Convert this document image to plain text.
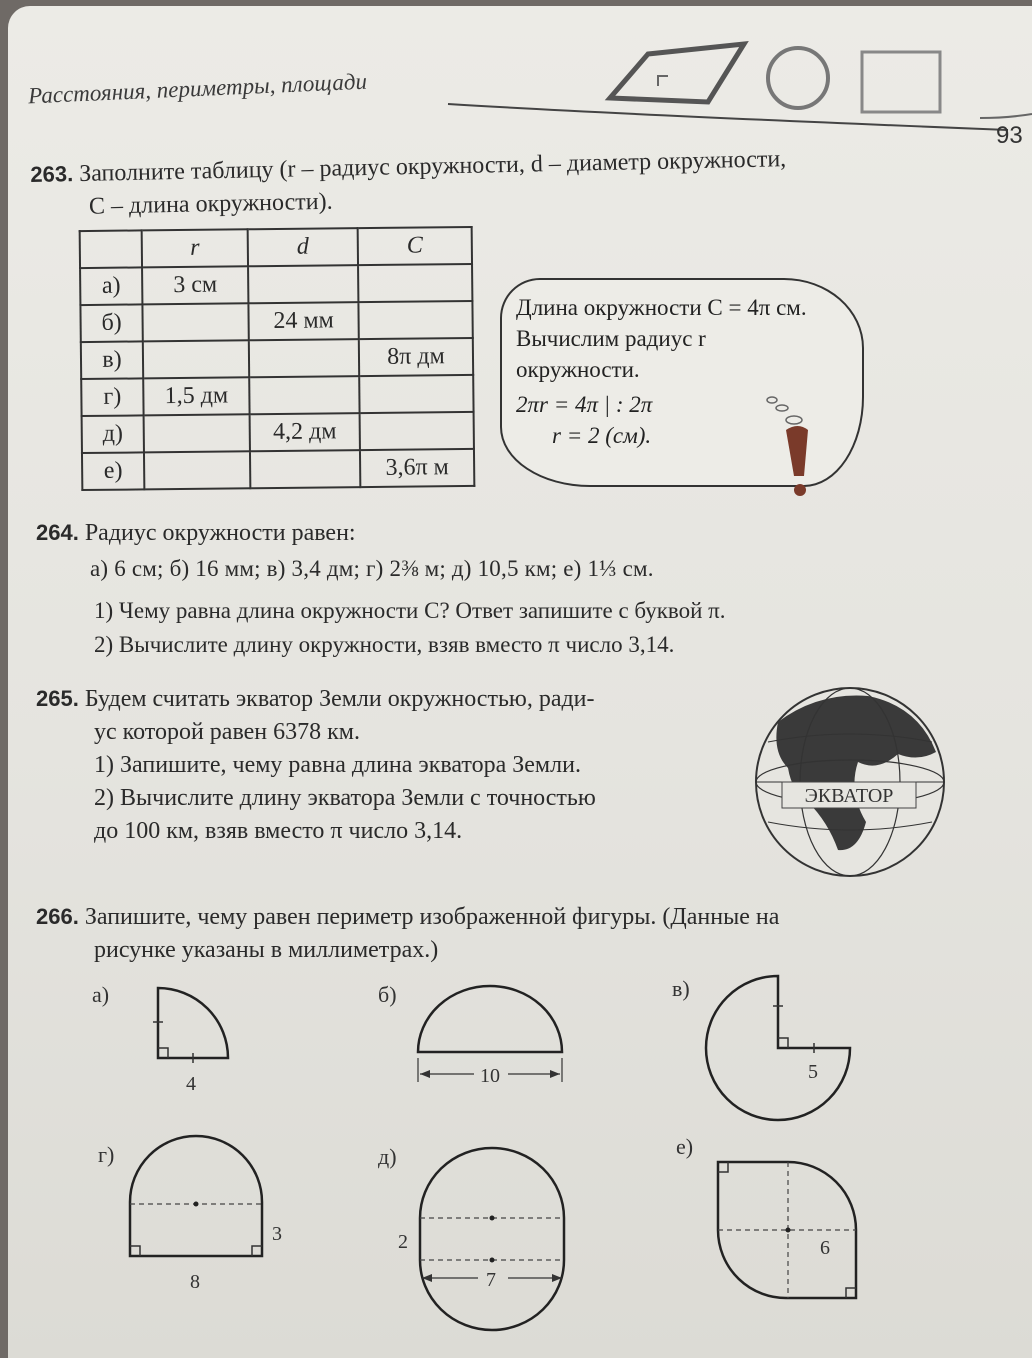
Расстояния, периметры, площади
93
263. Заполните таблицу (r – радиус окружности, d – диаметр окружности,
C – длина окружности).
	r	d	C
а)	3 см		
б)		24 мм	
в)			8π дм
г)	1,5 дм		
д)		4,2 дм	
е)			3,6π м
Длина окружности C = 4π см.
Вычислим радиус r
окружности.
2πr = 4π | : 2π
r = 2 (см).
264. Радиус окружности равен:
а) 6 см; б) 16 мм; в) 3,4 дм; г) 2⅜ м; д) 10,5 км; е) 1⅓ см.
1) Чему равна длина окружности C? Ответ запишите с буквой π.
2) Вычислите длину окружности, взяв вместо π число 3,14.
265. Будем считать экватор Земли окружностью, ради-
ус которой равен 6378 км.
1) Запишите, чему равна длина экватора Земли.
2) Вычислите длину экватора Земли с точностью
до 100 км, взяв вместо π число 3,14.
ЭКВАТОР
266. Запишите, чему равен периметр изображенной фигуры. (Данные на
рисунке указаны в миллиметрах.)
а)
4
б)
10
в)
5
г)
3
8
д)
2
7
е)
6
